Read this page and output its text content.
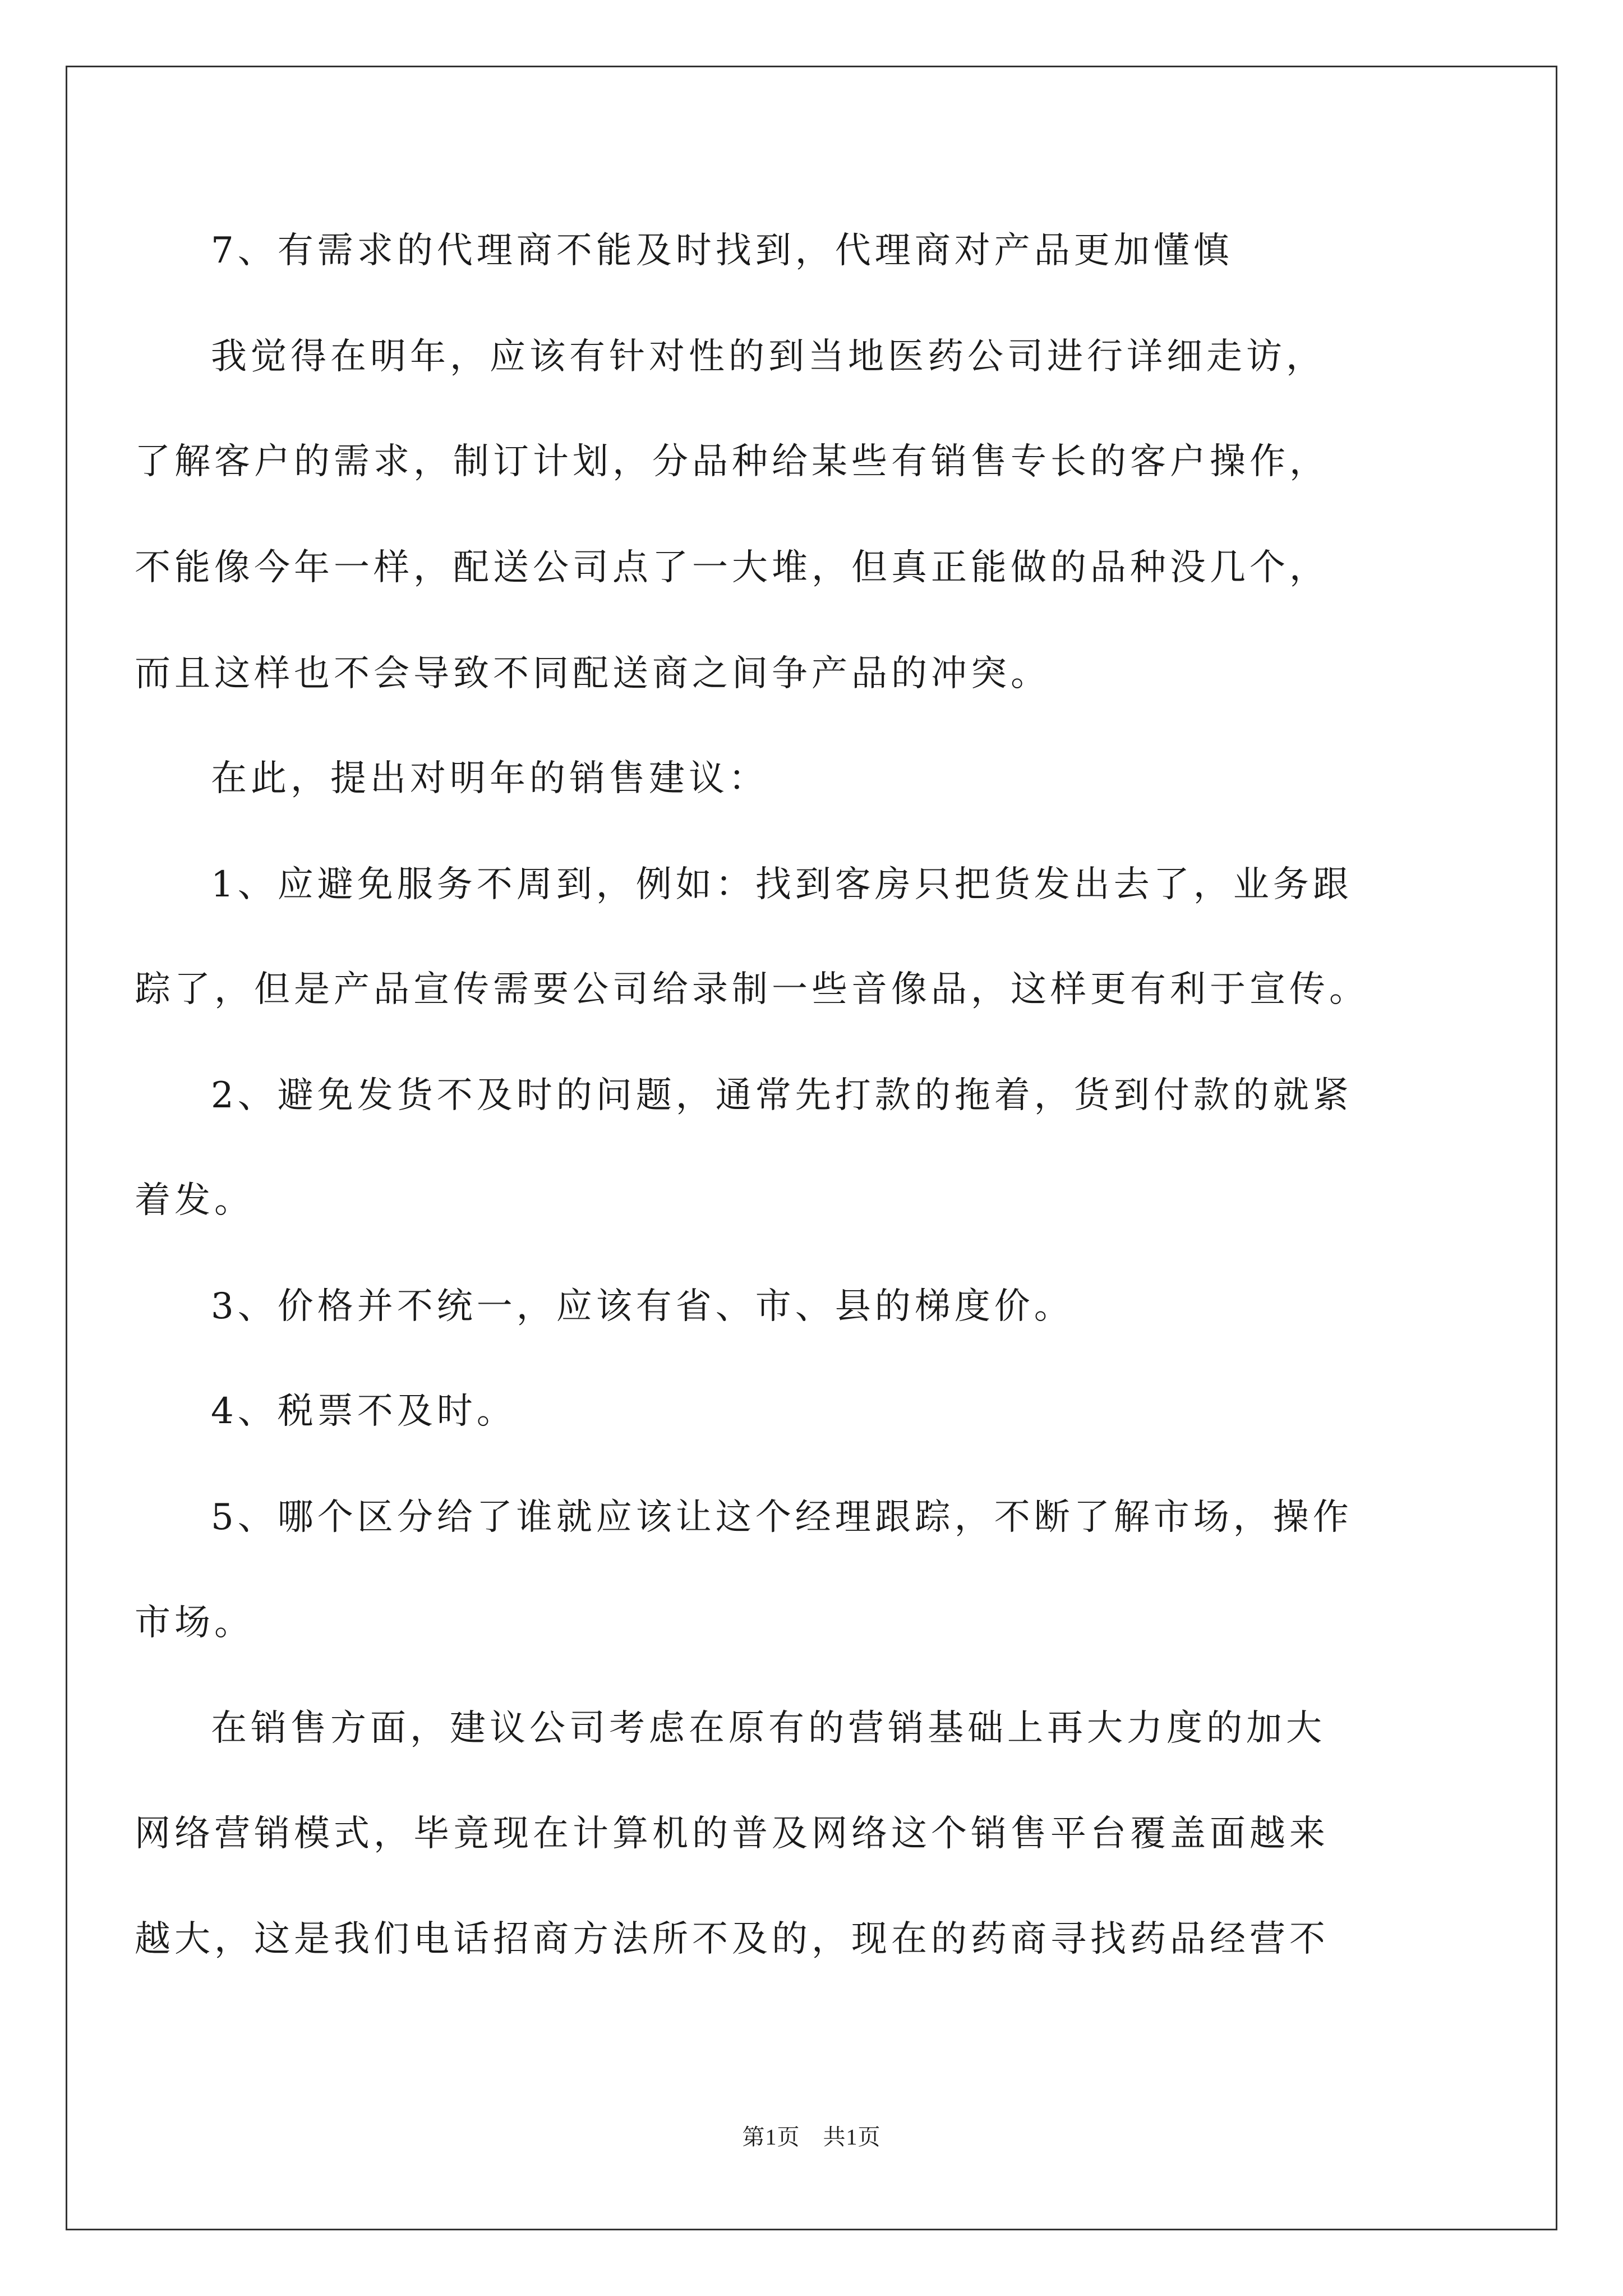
7、有需求的代理商不能及时找到，代理商对产品更加懂慎
我觉得在明年，应该有针对性的到当地医药公司进行详细走访，
了解客户的需求，制订计划，分品种给某些有销售专长的客户操作，
不能像今年一样，配送公司点了一大堆，但真正能做的品种没几个，
而且这样也不会导致不同配送商之间争产品的冲突。
在此，提出对明年的销售建议：
1、应避免服务不周到，例如：找到客房只把货发出去了，业务跟
踪了，但是产品宣传需要公司给录制一些音像品，这样更有利于宣传。
2、避免发货不及时的问题，通常先打款的拖着，货到付款的就紧
着发。
3、价格并不统一，应该有省、市、县的梯度价。
4、税票不及时。
5、哪个区分给了谁就应该让这个经理跟踪，不断了解市场，操作
市场。
在销售方面，建议公司考虑在原有的营销基础上再大力度的加大
网络营销模式，毕竟现在计算机的普及网络这个销售平台覆盖面越来
越大，这是我们电话招商方法所不及的，现在的药商寻找药品经营不
第1页　共1页
